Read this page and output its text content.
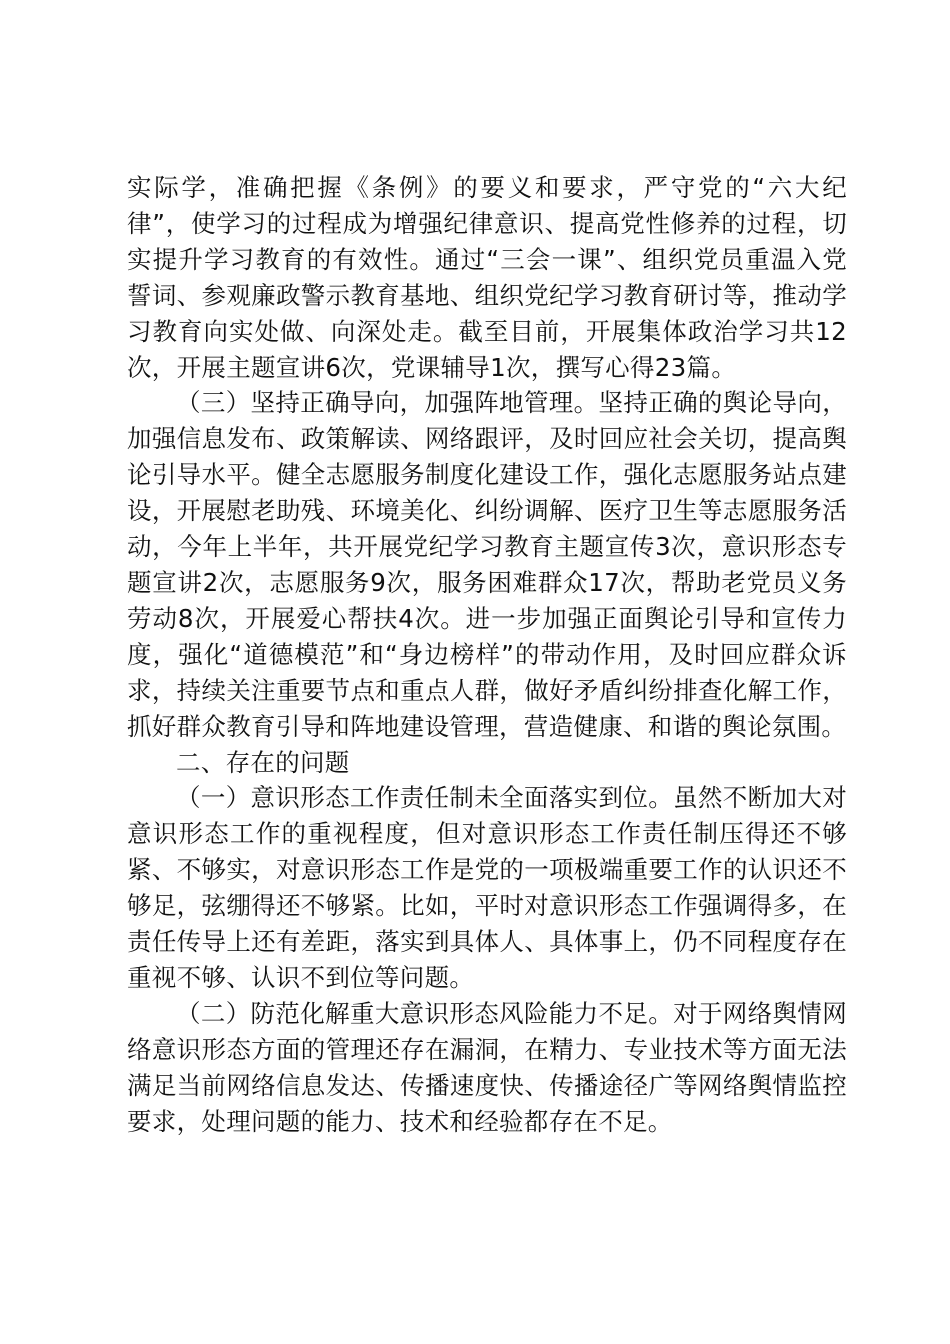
实际学，准确把握《条例》的要义和要求，严守党的“六大纪律”，使学习的过程成为增强纪律意识、提高党性修养的过程，切实提升学习教育的有效性。通过“三会一课”、组织党员重温入党誓词、参观廉政警示教育基地、组织党纪学习教育研讨等，推动学习教育向实处做、向深处走。截至目前，开展集体政治学习共12次，开展主题宣讲6次，党课辅导1次，撰写心得23篇。

（三）坚持正确导向，加强阵地管理。坚持正确的舆论导向，加强信息发布、政策解读、网络跟评，及时回应社会关切，提高舆论引导水平。健全志愿服务制度化建设工作，强化志愿服务站点建设，开展慰老助残、环境美化、纠纷调解、医疗卫生等志愿服务活动，今年上半年，共开展党纪学习教育主题宣传3次，意识形态专题宣讲2次，志愿服务9次，服务困难群众17次，帮助老党员义务劳动8次，开展爱心帮扶4次。进一步加强正面舆论引导和宣传力度，强化“道德模范”和“身边榜样”的带动作用，及时回应群众诉求，持续关注重要节点和重点人群，做好矛盾纠纷排查化解工作，抓好群众教育引导和阵地建设管理，营造健康、和谐的舆论氛围。

二、存在的问题

（一）意识形态工作责任制未全面落实到位。虽然不断加大对意识形态工作的重视程度，但对意识形态工作责任制压得还不够紧、不够实，对意识形态工作是党的一项极端重要工作的认识还不够足，弦绷得还不够紧。比如，平时对意识形态工作强调得多，在责任传导上还有差距，落实到具体人、具体事上，仍不同程度存在重视不够、认识不到位等问题。

（二）防范化解重大意识形态风险能力不足。对于网络舆情网络意识形态方面的管理还存在漏洞，在精力、专业技术等方面无法满足当前网络信息发达、传播速度快、传播途径广等网络舆情监控要求，处理问题的能力、技术和经验都存在不足。
